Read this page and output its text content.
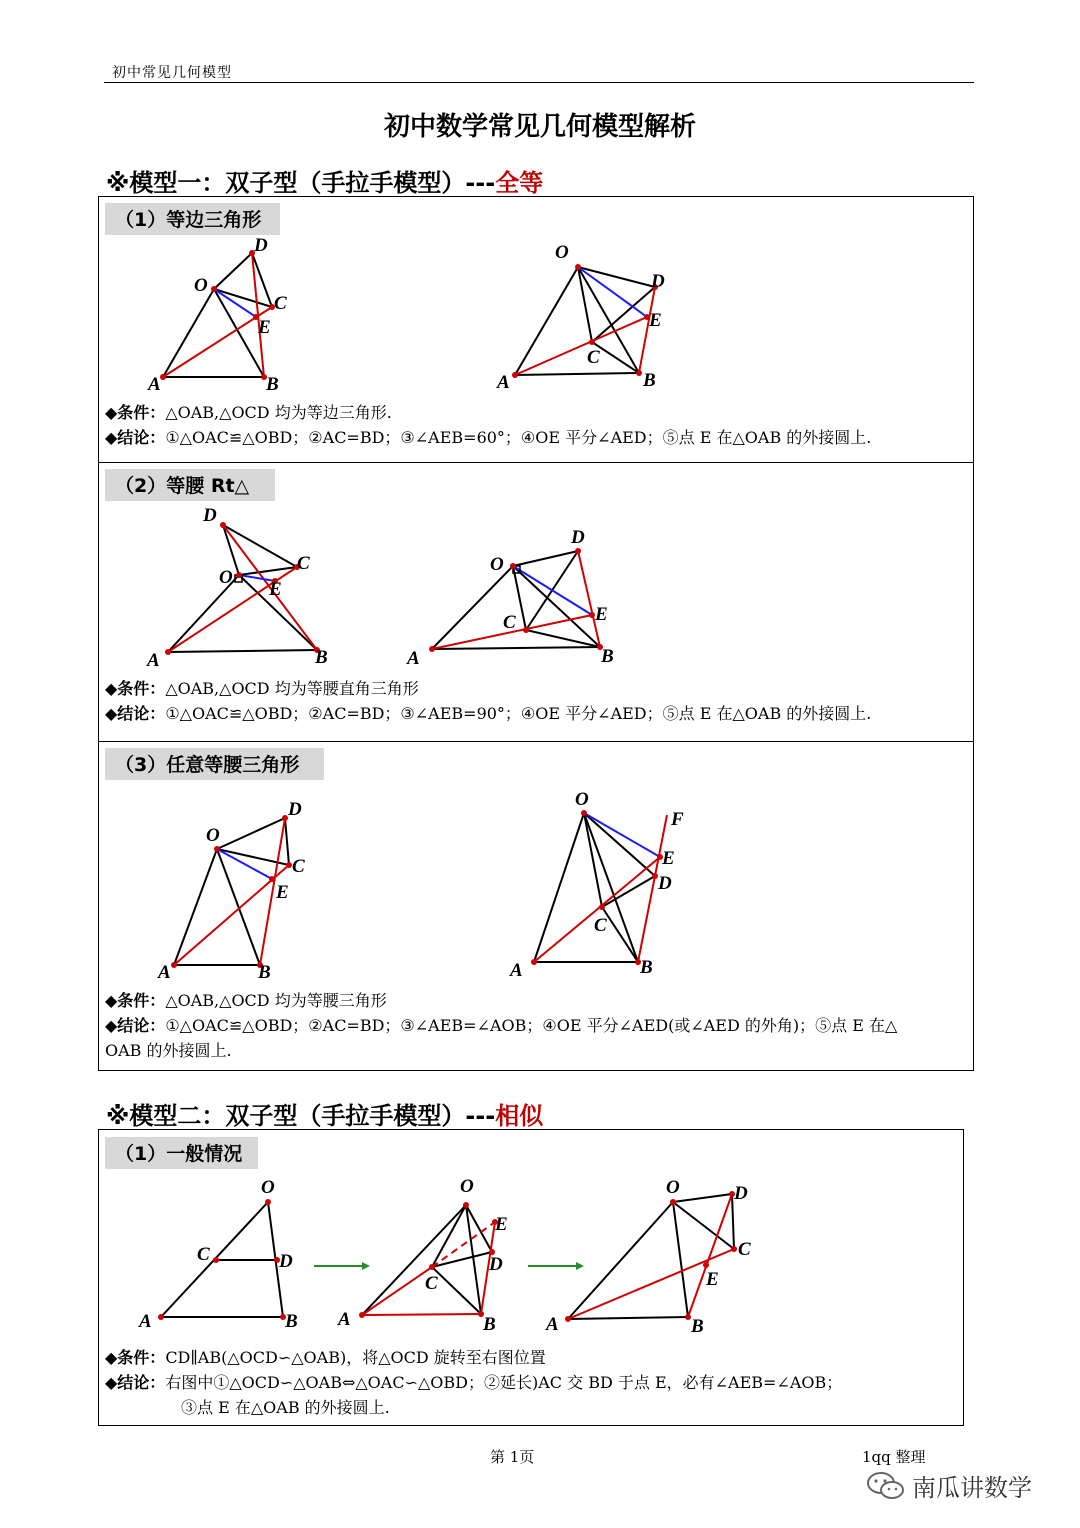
初中常见几何模型
初中数学常见几何模型解析
※模型一：双子型（手拉手模型）---全等
（1）等边三角形
A
O
B
D
C
E
A
O
B
D
C
E
◆条件：△OAB,△OCD 均为等边三角形.
◆结论：①△OAC≌△OBD；②AC=BD；③∠AEB=60°；④OE 平分∠AED；⑤点 E 在△OAB 的外接圆上.
（2）等腰 Rt△
A
O
B
D
C
E
A
O
B
D
C	E
◆条件：△OAB,△OCD 均为等腰直角三角形
◆结论：①△OAC≌△OBD；②AC=BD；③∠AEB=90°；④OE 平分∠AED；⑤点 E 在△OAB 的外接圆上.
（3）任意等腰三角形
A
O
B
D
C
E
A
O
B
D
C
E
F
◆条件：△OAB,△OCD 均为等腰三角形
◆结论：①△OAC≌△OBD；②AC=BD；③∠AEB=∠AOB；④OE 平分∠AED(或∠AED 的外角)；⑤点 E 在△
OAB 的外接圆上.
※模型二：双子型（手拉手模型）---相似
（1）一般情况
A
O
B
C	D
A
O
B
C
D
E
A
O
B
D
C
E
◆条件：CD∥AB(△OCD∽△OAB)，将△OCD 旋转至右图位置
◆结论：右图中①△OCD∽△OAB⇔△OAC∽△OBD；②延长)AC 交 BD 于点 E，必有∠AEB=∠AOB；
③点 E 在△OAB 的外接圆上.
第 1页	1qq 整理
南瓜讲数学
